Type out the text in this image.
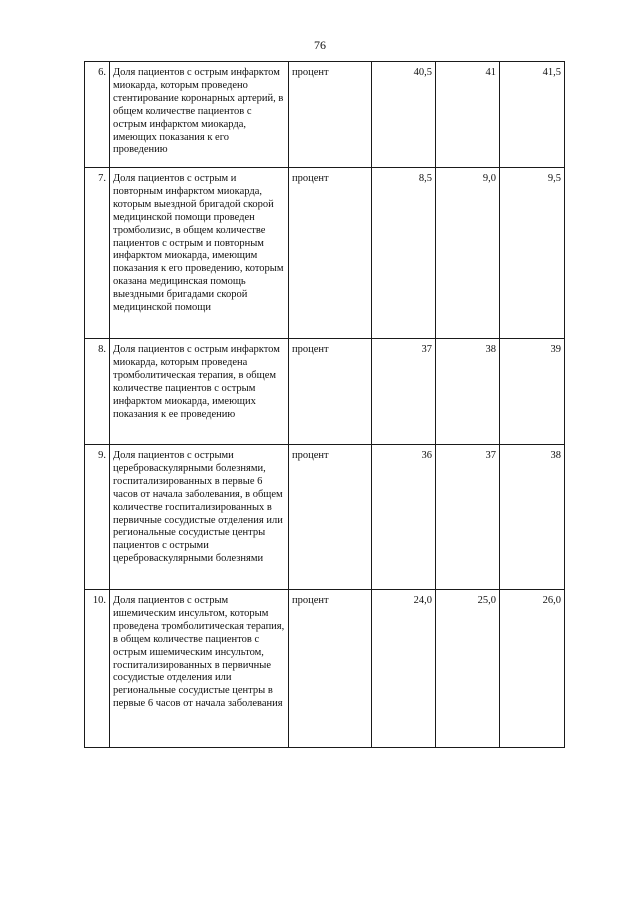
76
6.	Доля пациентов с острым инфарктом миокарда, которым проведено стентирование коронарных артерий, в общем количестве пациентов с острым инфарктом миокарда, имеющих показания к его проведению	процент	40,5	41	41,5
7.	Доля пациентов с острым и повторным инфарктом миокарда, которым выездной бригадой скорой медицинской помощи проведен тромболизис, в общем количестве пациентов с острым и повторным инфарктом миокарда, имеющим показания к его проведению, которым оказана медицинская помощь выездными бригадами скорой медицинской помощи	процент	8,5	9,0	9,5
8.	Доля пациентов с острым инфарктом миокарда, которым проведена тромболитическая терапия, в общем количестве пациентов с острым инфарктом миокарда, имеющих показания к ее проведению	процент	37	38	39
9.	Доля пациентов с острыми цереброваскулярными болезнями, госпитализированных в первые 6 часов от начала заболевания, в общем количестве госпитализированных в первичные сосудистые отделения или региональные сосудистые центры пациентов с острыми цереброваскулярными болезнями	процент	36	37	38
10.	Доля пациентов с острым ишемическим инсультом, которым проведена тромболитическая терапия, в общем количестве пациентов с острым ишемическим инсультом, госпитализированных в первичные сосудистые отделения или региональные сосудистые центры в первые 6 часов от начала заболевания	процент	24,0	25,0	26,0
